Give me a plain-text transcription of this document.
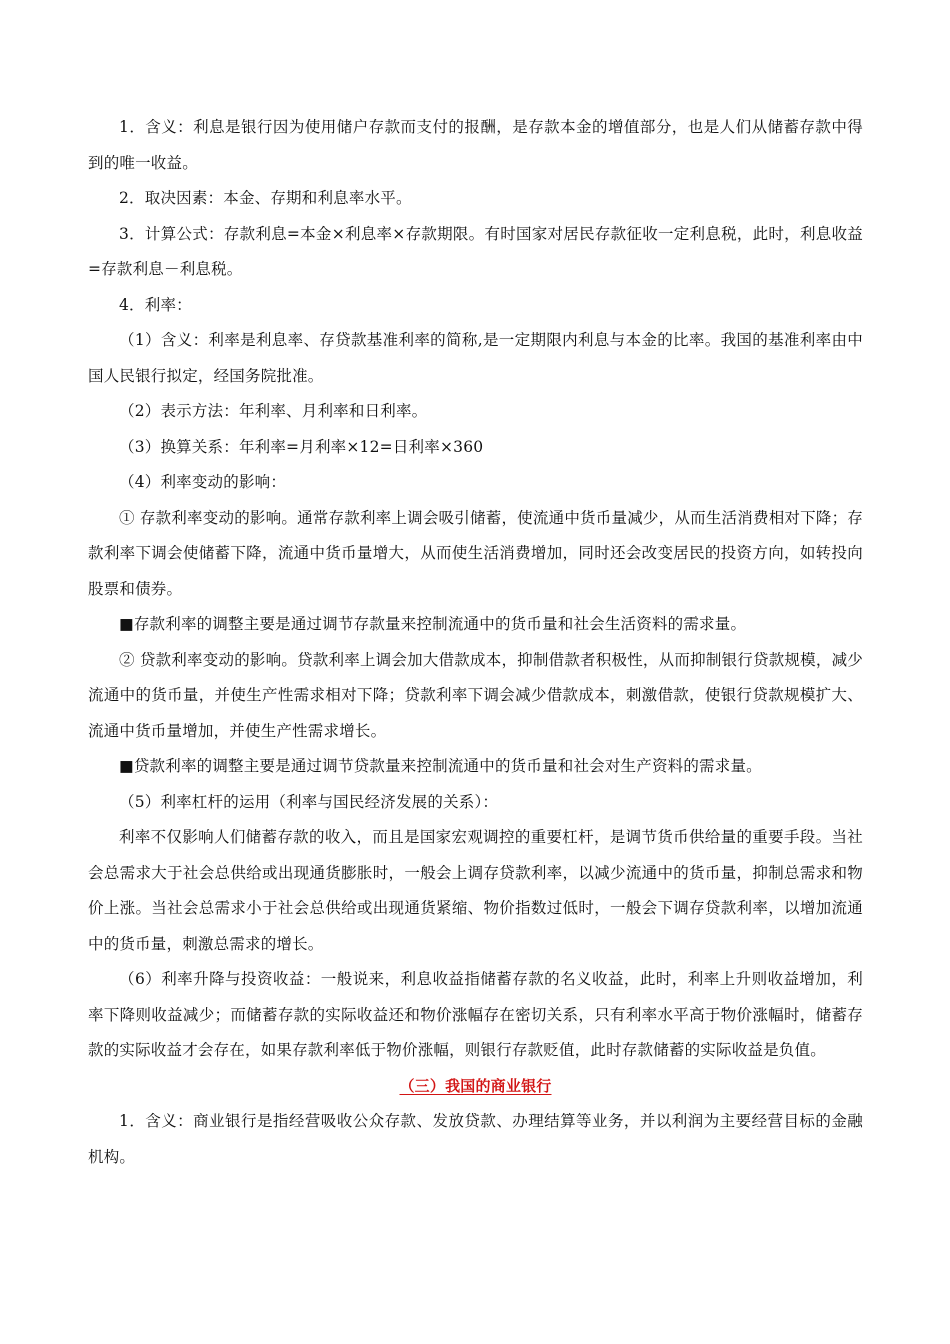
1．含义：利息是银行因为使用储户存款而支付的报酬，是存款本金的增值部分，也是人们从储蓄存款中得到的唯一收益。

2．取决因素：本金、存期和利息率水平。

3．计算公式：存款利息=本金×利息率×存款期限。有时国家对居民存款征收一定利息税，此时，利息收益=存款利息－利息税。

4．利率：

（1）含义：利率是利息率、存贷款基准利率的简称,是一定期限内利息与本金的比率。我国的基准利率由中国人民银行拟定，经国务院批准。

（2）表示方法：年利率、月利率和日利率。

（3）换算关系：年利率=月利率×12=日利率×360

（4）利率变动的影响：

① 存款利率变动的影响。通常存款利率上调会吸引储蓄，使流通中货币量减少，从而生活消费相对下降；存款利率下调会使储蓄下降，流通中货币量增大，从而使生活消费增加，同时还会改变居民的投资方向，如转投向股票和债券。

■存款利率的调整主要是通过调节存款量来控制流通中的货币量和社会生活资料的需求量。

② 贷款利率变动的影响。贷款利率上调会加大借款成本，抑制借款者积极性，从而抑制银行贷款规模，减少流通中的货币量，并使生产性需求相对下降；贷款利率下调会减少借款成本，刺激借款，使银行贷款规模扩大、流通中货币量增加，并使生产性需求增长。

■贷款利率的调整主要是通过调节贷款量来控制流通中的货币量和社会对生产资料的需求量。

（5）利率杠杆的运用（利率与国民经济发展的关系）：

利率不仅影响人们储蓄存款的收入，而且是国家宏观调控的重要杠杆，是调节货币供给量的重要手段。当社会总需求大于社会总供给或出现通货膨胀时，一般会上调存贷款利率，以减少流通中的货币量，抑制总需求和物价上涨。当社会总需求小于社会总供给或出现通货紧缩、物价指数过低时，一般会下调存贷款利率，以增加流通中的货币量，刺激总需求的增长。

（6）利率升降与投资收益：一般说来，利息收益指储蓄存款的名义收益，此时，利率上升则收益增加，利率下降则收益减少；而储蓄存款的实际收益还和物价涨幅存在密切关系，只有利率水平高于物价涨幅时，储蓄存款的实际收益才会存在，如果存款利率低于物价涨幅，则银行存款贬值，此时存款储蓄的实际收益是负值。

（三）我国的商业银行

1．含义：商业银行是指经营吸收公众存款、发放贷款、办理结算等业务，并以利润为主要经营目标的金融机构。
